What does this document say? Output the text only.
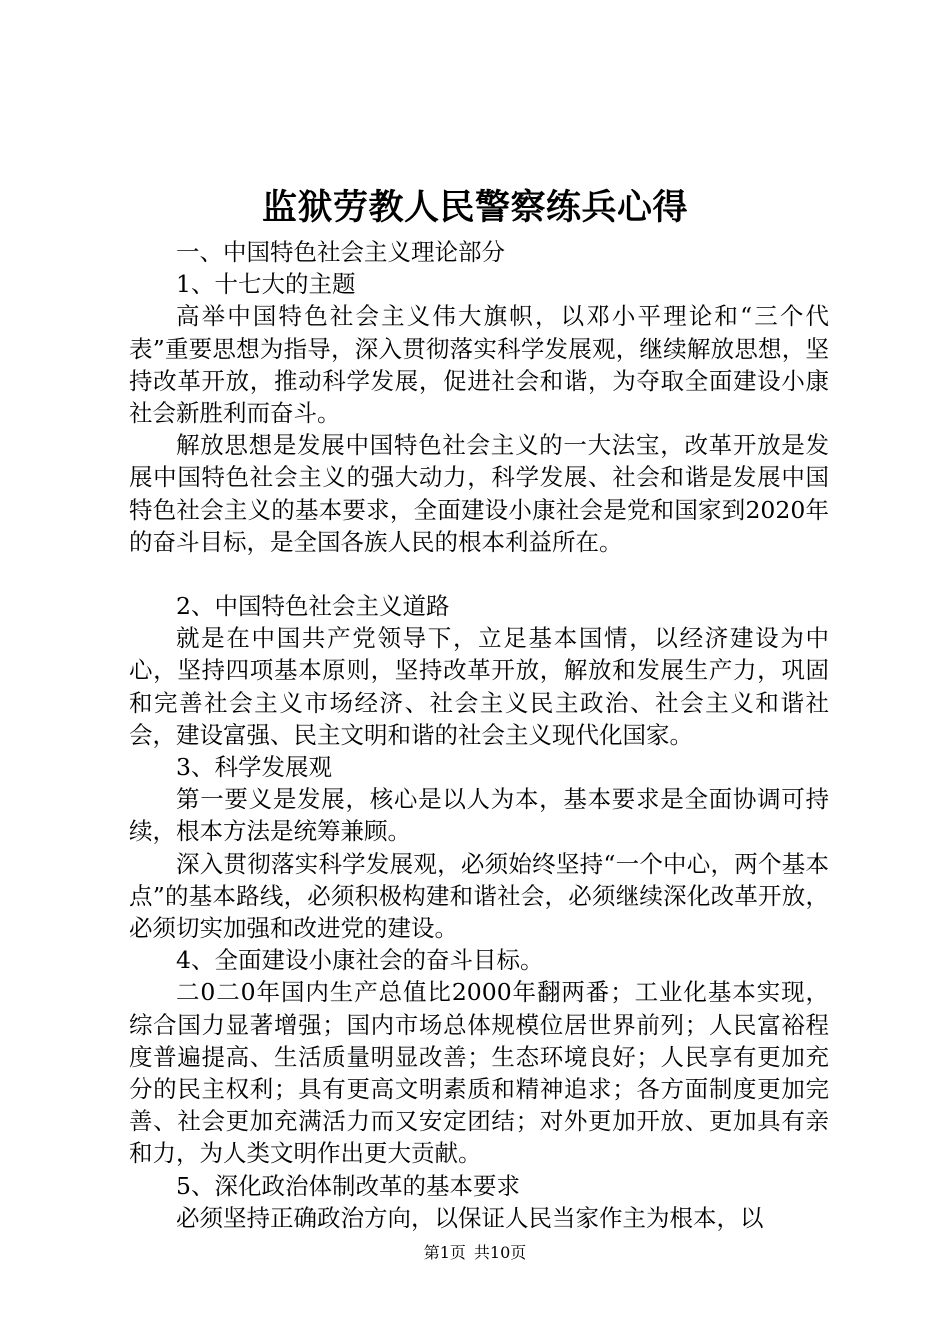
监狱劳教人民警察练兵心得

一、中国特色社会主义理论部分

1、十七大的主题

高举中国特色社会主义伟大旗帜，以邓小平理论和“三个代表”重要思想为指导，深入贯彻落实科学发展观，继续解放思想，坚持改革开放，推动科学发展，促进社会和谐，为夺取全面建设小康社会新胜利而奋斗。

解放思想是发展中国特色社会主义的一大法宝，改革开放是发展中国特色社会主义的强大动力，科学发展、社会和谐是发展中国特色社会主义的基本要求，全面建设小康社会是党和国家到2020年的奋斗目标，是全国各族人民的根本利益所在。

2、中国特色社会主义道路

就是在中国共产党领导下，立足基本国情，以经济建设为中心，坚持四项基本原则，坚持改革开放，解放和发展生产力，巩固和完善社会主义市场经济、社会主义民主政治、社会主义和谐社会，建设富强、民主文明和谐的社会主义现代化国家。

3、科学发展观

第一要义是发展，核心是以人为本，基本要求是全面协调可持续，根本方法是统筹兼顾。

深入贯彻落实科学发展观，必须始终坚持“一个中心，两个基本点”的基本路线，必须积极构建和谐社会，必须继续深化改革开放，必须切实加强和改进党的建设。

4、全面建设小康社会的奋斗目标。

二0二0年国内生产总值比2000年翻两番；工业化基本实现，综合国力显著增强；国内市场总体规模位居世界前列；人民富裕程度普遍提高、生活质量明显改善；生态环境良好；人民享有更加充分的民主权利；具有更高文明素质和精神追求；各方面制度更加完善、社会更加充满活力而又安定团结；对外更加开放、更加具有亲和力，为人类文明作出更大贡献。

5、深化政治体制改革的基本要求

必须坚持正确政治方向，以保证人民当家作主为根本，以

第1页 共10页
